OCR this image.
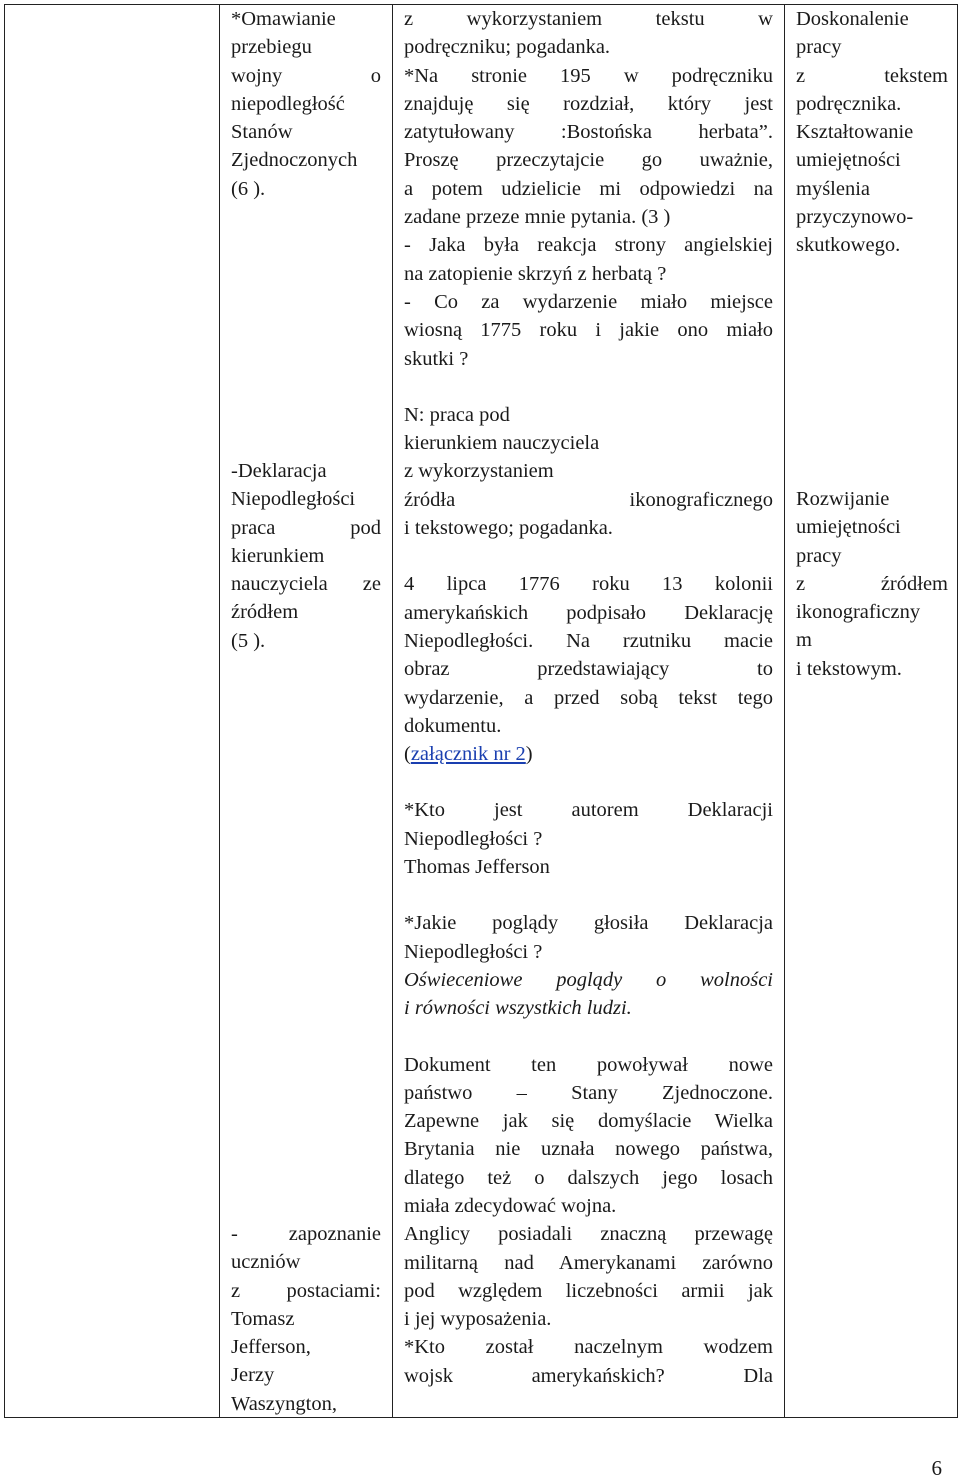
*Omawianie

przebiegu

wojny o

niepodległość

Stanów

Zjednoczonych

(6 ).

-Deklaracja

Niepodległości

praca pod

kierunkiem

nauczyciela ze

źródłem

(5 ).

- zapoznanie

uczniów

z postaciami:

Tomasz

Jefferson,

Jerzy

Waszyngton,

z wykorzystaniem tekstu w

podręczniku; pogadanka.

*Na stronie 195 w podręczniku

znajduję się rozdział, który jest

zatytułowany :Bostońska herbata”.

Proszę przeczytajcie go uważnie,

a potem udzielicie mi odpowiedzi na

zadane przeze mnie pytania. (3 )

- Jaka była reakcja strony angielskiej

na zatopienie skrzyń z herbatą ?

- Co za wydarzenie miało miejsce

wiosną 1775 roku i jakie ono miało

skutki ?

N: praca pod

kierunkiem nauczyciela

z wykorzystaniem

źródła ikonograficznego

i tekstowego; pogadanka.

4 lipca 1776 roku 13 kolonii

amerykańskich podpisało Deklarację

Niepodległości. Na rzutniku macie

obraz przedstawiający to

wydarzenie, a przed sobą tekst tego

dokumentu.

(załącznik nr 2)

*Kto jest autorem Deklaracji

Niepodległości ?

Thomas Jefferson

*Jakie poglądy głosiła Deklaracja

Niepodległości ?

Oświeceniowe poglądy o wolności

i równości wszystkich ludzi.

Dokument ten powoływał nowe

państwo – Stany Zjednoczone.

Zapewne jak się domyślacie Wielka

Brytania nie uznała nowego państwa,

dlatego też o dalszych jego losach

miała zdecydować wojna.

Anglicy posiadali znaczną przewagę

militarną nad Amerykanami zarówno

pod względem liczebności armii jak

i jej wyposażenia.

*Kto został naczelnym wodzem

wojsk amerykańskich? Dla

Doskonalenie

pracy

z tekstem

podręcznika.

Kształtowanie

umiejętności

myślenia

przyczynowo-

skutkowego.

Rozwijanie

umiejętności

pracy

z źródłem

ikonograficzny

m

i tekstowym.

6
